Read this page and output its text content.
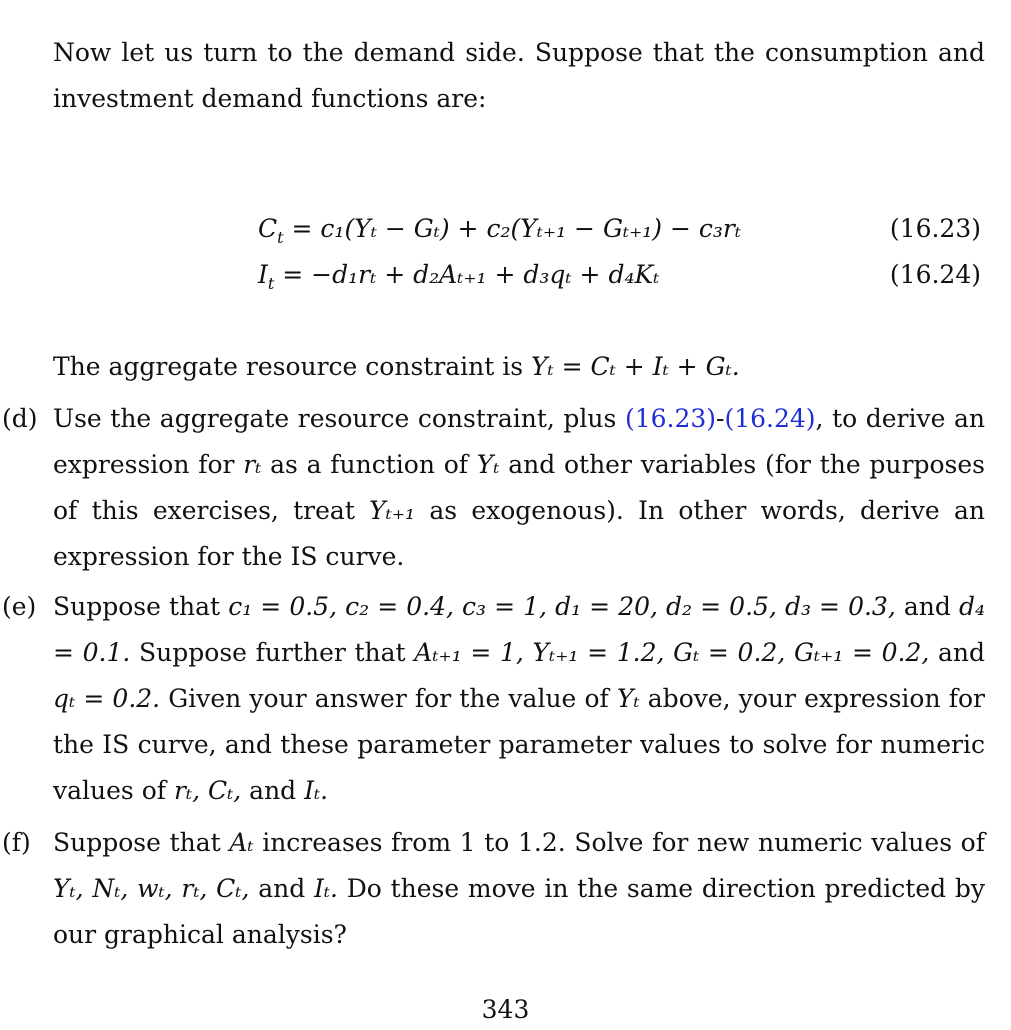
Now let us turn to the demand side. Suppose that the consumption and investment demand functions are:

$C_t = c_1(Y_t - G_t) + c_2(Y_{t+1} - G_{t+1}) - c_3r_t$	(16.23)
$I_t = -d_1r_t + d_2A_{t+1} + d_3q_t + d_4K_t$	(16.24)

The aggregate resource constraint is Yₜ = Cₜ + Iₜ + Gₜ.

(d) Use the aggregate resource constraint, plus (16.23)-(16.24), to derive an expression for rₜ as a function of Yₜ and other variables (for the purposes of this exercises, treat Yₜ₊₁ as exogenous). In other words, derive an expression for the IS curve.

(e) Suppose that c₁ = 0.5, c₂ = 0.4, c₃ = 1, d₁ = 20, d₂ = 0.5, d₃ = 0.3, and d₄ = 0.1. Suppose further that Aₜ₊₁ = 1, Yₜ₊₁ = 1.2, Gₜ = 0.2, Gₜ₊₁ = 0.2, and qₜ = 0.2. Given your answer for the value of Yₜ above, your expression for the IS curve, and these parameter parameter values to solve for numeric values of rₜ, Cₜ, and Iₜ.

(f) Suppose that Aₜ increases from 1 to 1.2. Solve for new numeric values of Yₜ, Nₜ, wₜ, rₜ, Cₜ, and Iₜ. Do these move in the same direction predicted by our graphical analysis?

343
